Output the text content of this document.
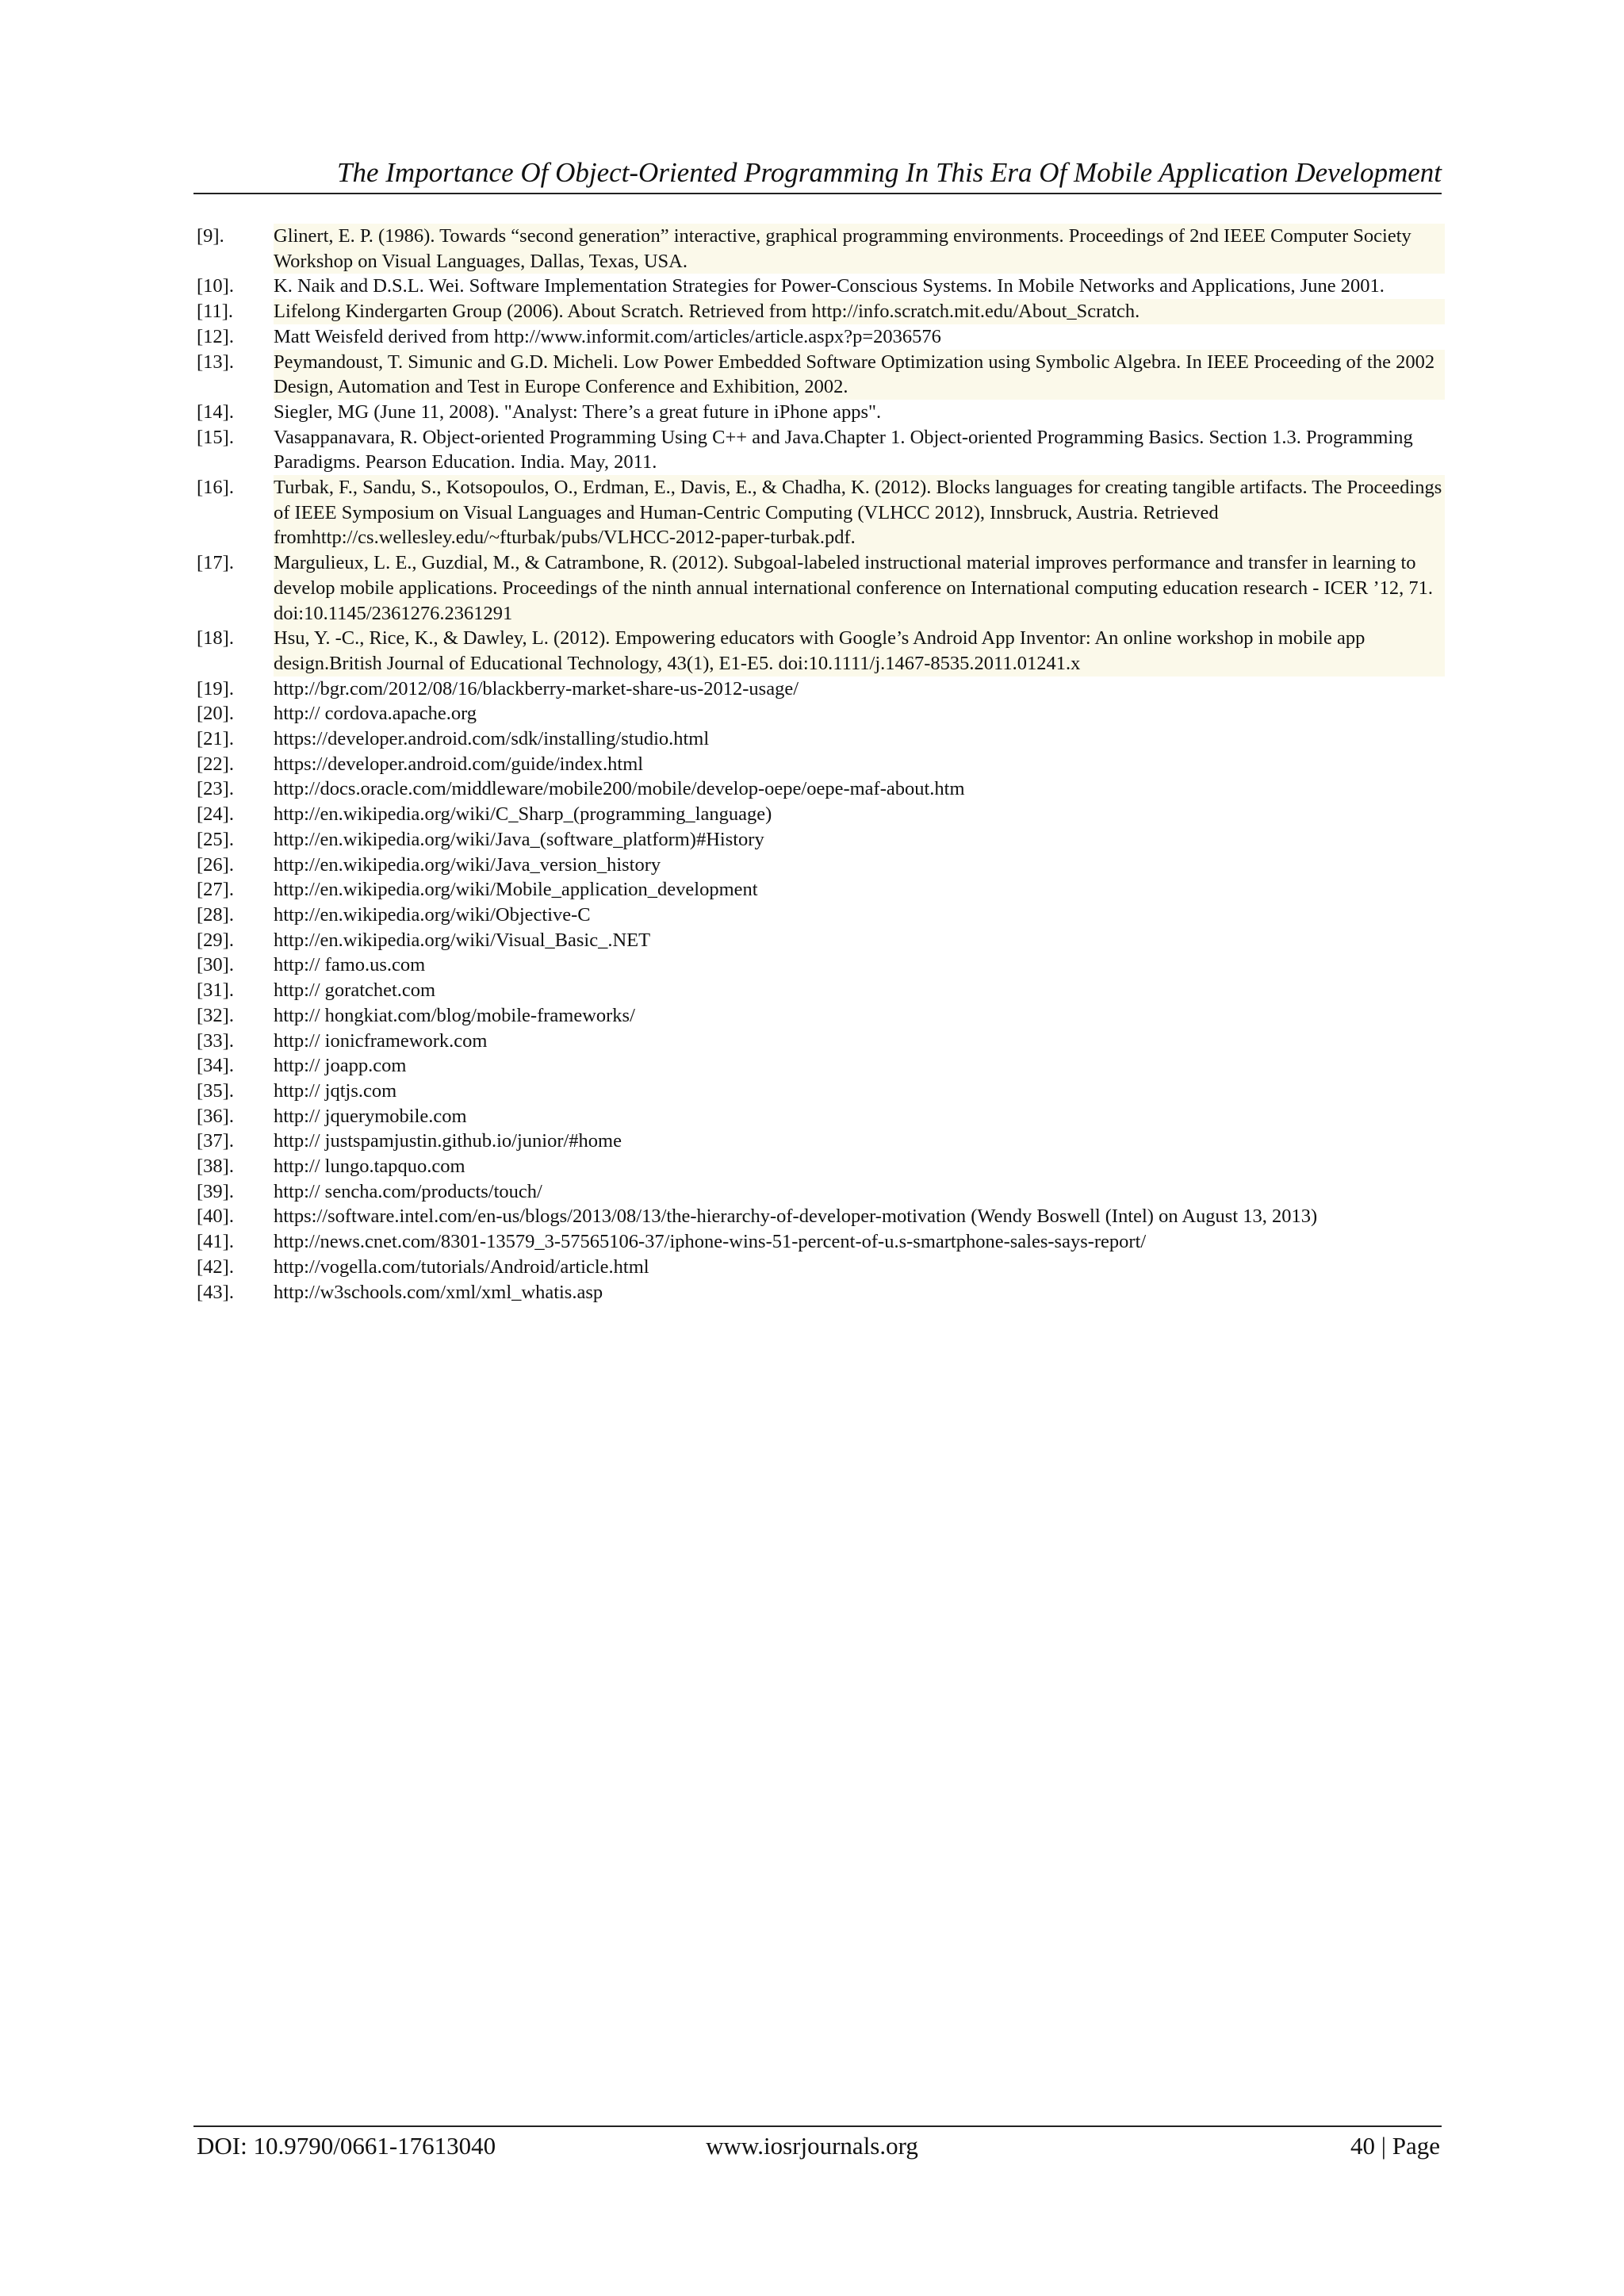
The Importance Of Object-Oriented Programming In This Era Of Mobile Application Development
[9].	Glinert, E. P. (1986). Towards “second generation” interactive, graphical programming environments. Proceedings of 2nd IEEE Computer Society Workshop on Visual Languages, Dallas, Texas, USA.
[10]. K. Naik and D.S.L. Wei. Software Implementation Strategies for Power-Conscious Systems. In Mobile Networks and Applications, June 2001.
[11]. Lifelong Kindergarten Group (2006). About Scratch. Retrieved from http://info.scratch.mit.edu/About_Scratch.
[12]. Matt Weisfeld derived from http://www.informit.com/articles/article.aspx?p=2036576
[13]. Peymandoust, T. Simunic and G.D. Micheli. Low Power Embedded Software Optimization using Symbolic Algebra. In IEEE Proceeding of the 2002 Design, Automation and Test in Europe Conference and Exhibition, 2002.
[14]. Siegler, MG (June 11, 2008). "Analyst: There’s a great future in iPhone apps".
[15]. Vasappanavara, R. Object-oriented Programming Using C++ and Java.Chapter 1. Object-oriented Programming Basics. Section 1.3. Programming Paradigms. Pearson Education. India. May, 2011.
[16]. Turbak, F., Sandu, S., Kotsopoulos, O., Erdman, E., Davis, E., & Chadha, K. (2012). Blocks languages for creating tangible artifacts. The Proceedings of IEEE Symposium on Visual Languages and Human-Centric Computing (VLHCC 2012), Innsbruck, Austria. Retrieved fromhttp://cs.wellesley.edu/~fturbak/pubs/VLHCC-2012-paper-turbak.pdf.
[17]. Margulieux, L. E., Guzdial, M., & Catrambone, R. (2012). Subgoal-labeled instructional material improves performance and transfer in learning to develop mobile applications. Proceedings of the ninth annual international conference on International computing education research - ICER ’12, 71. doi:10.1145/2361276.2361291
[18]. Hsu, Y. -C., Rice, K., & Dawley, L. (2012). Empowering educators with Google’s Android App Inventor: An online workshop in mobile app design.British Journal of Educational Technology, 43(1), E1-E5. doi:10.1111/j.1467-8535.2011.01241.x
[19]. http://bgr.com/2012/08/16/blackberry-market-share-us-2012-usage/
[20]. http:// cordova.apache.org
[21]. https://developer.android.com/sdk/installing/studio.html
[22]. https://developer.android.com/guide/index.html
[23]. http://docs.oracle.com/middleware/mobile200/mobile/develop-oepe/oepe-maf-about.htm
[24]. http://en.wikipedia.org/wiki/C_Sharp_(programming_language)
[25]. http://en.wikipedia.org/wiki/Java_(software_platform)#History
[26]. http://en.wikipedia.org/wiki/Java_version_history
[27]. http://en.wikipedia.org/wiki/Mobile_application_development
[28]. http://en.wikipedia.org/wiki/Objective-C
[29]. http://en.wikipedia.org/wiki/Visual_Basic_.NET
[30]. http:// famo.us.com
[31]. http:// goratchet.com
[32]. http:// hongkiat.com/blog/mobile-frameworks/
[33]. http:// ionicframework.com
[34]. http:// joapp.com
[35]. http:// jqtjs.com
[36]. http:// jquerymobile.com
[37]. http:// justspamjustin.github.io/junior/#home
[38]. http:// lungo.tapquo.com
[39]. http:// sencha.com/products/touch/
[40]. https://software.intel.com/en-us/blogs/2013/08/13/the-hierarchy-of-developer-motivation (Wendy Boswell (Intel) on August 13, 2013)
[41]. http://news.cnet.com/8301-13579_3-57565106-37/iphone-wins-51-percent-of-u.s-smartphone-sales-says-report/
[42]. http://vogella.com/tutorials/Android/article.html
[43]. http://w3schools.com/xml/xml_whatis.asp
DOI: 10.9790/0661-17613040	www.iosrjournals.org	40 | Page
